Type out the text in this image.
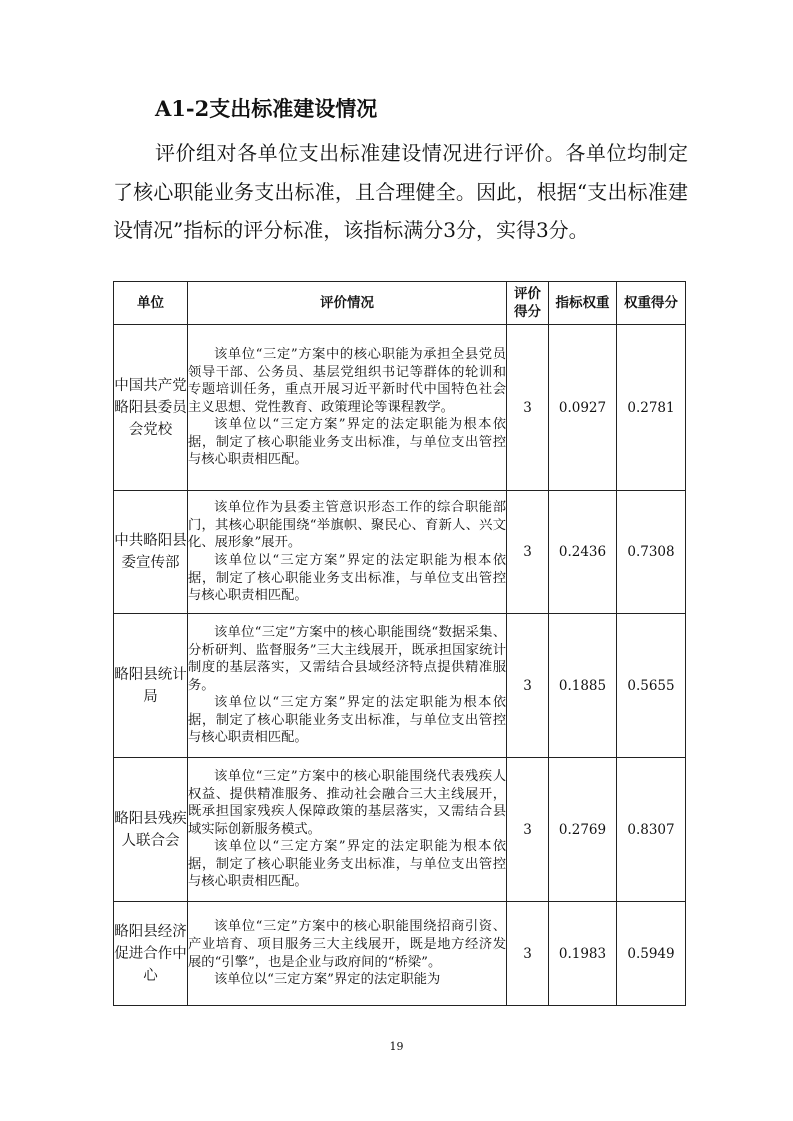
A1-2支出标准建设情况

评价组对各单位支出标准建设情况进行评价。各单位均制定了核心职能业务支出标准，且合理健全。因此，根据“支出标准建设情况”指标的评分标准，该指标满分3分，实得3分。

单位	评价情况	评价得分	指标权重	权重得分
中国共产党略阳县委员会党校	该单位“三定”方案中的核心职能为承担全县党员领导干部、公务员、基层党组织书记等群体的轮训和专题培训任务，重点开展习近平新时代中国特色社会主义思想、党性教育、政策理论等课程教学。

该单位以“三定方案”界定的法定职能为根本依据，制定了核心职能业务支出标准，与单位支出管控与核心职责相匹配。	3	0.0927	0.2781
中共略阳县委宣传部	该单位作为县委主管意识形态工作的综合职能部门，其核心职能围绕“举旗帜、聚民心、育新人、兴文化、展形象”展开。

该单位以“三定方案”界定的法定职能为根本依据，制定了核心职能业务支出标准，与单位支出管控与核心职责相匹配。	3	0.2436	0.7308
略阳县统计局	该单位“三定”方案中的核心职能围绕“数据采集、分析研判、监督服务”三大主线展开，既承担国家统计制度的基层落实，又需结合县域经济特点提供精准服务。

该单位以“三定方案”界定的法定职能为根本依据，制定了核心职能业务支出标准，与单位支出管控与核心职责相匹配。	3	0.1885	0.5655
略阳县残疾人联合会	该单位“三定”方案中的核心职能围绕代表残疾人权益、提供精准服务、推动社会融合三大主线展开，既承担国家残疾人保障政策的基层落实，又需结合县域实际创新服务模式。

该单位以“三定方案”界定的法定职能为根本依据，制定了核心职能业务支出标准，与单位支出管控与核心职责相匹配。	3	0.2769	0.8307
略阳县经济促进合作中心	该单位“三定”方案中的核心职能围绕招商引资、产业培育、项目服务三大主线展开，既是地方经济发展的“引擎”，也是企业与政府间的“桥梁”。

该单位以“三定方案”界定的法定职能为	3	0.1983	0.5949
19
